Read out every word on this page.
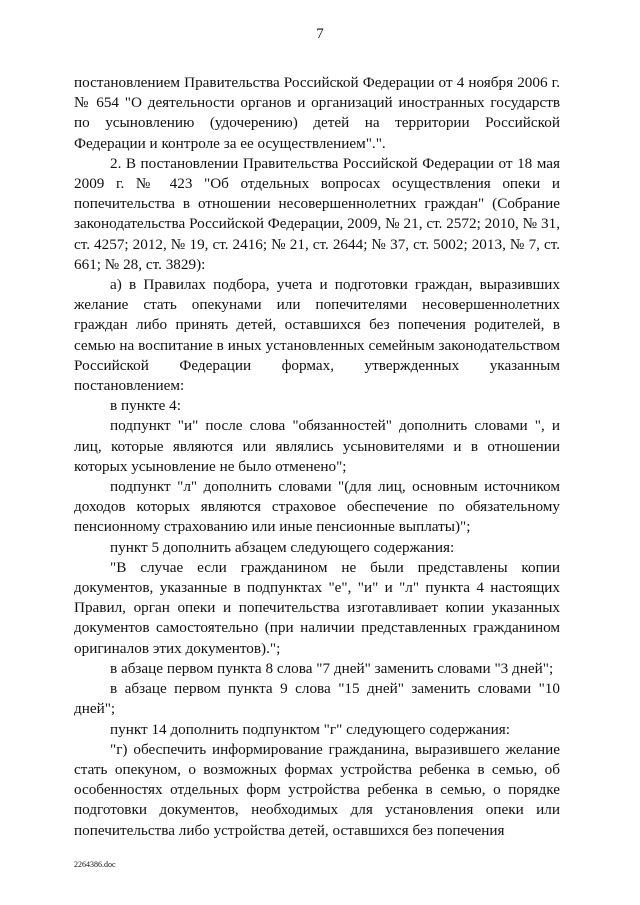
7

постановлением Правительства Российской Федерации от 4 ноября 2006 г. № 654 "О деятельности органов и организаций иностранных государств по усыновлению (удочерению) детей на территории Российской Федерации и контроле за ее осуществлением".".

2. В постановлении Правительства Российской Федерации от 18 мая 2009 г. № 423 "Об отдельных вопросах осуществления опеки и попечительства в отношении несовершеннолетних граждан" (Собрание законодательства Российской Федерации, 2009, № 21, ст. 2572; 2010, № 31, ст. 4257; 2012, № 19, ст. 2416; № 21, ст. 2644; № 37, ст. 5002; 2013, № 7, ст. 661; № 28, ст. 3829):

а) в Правилах подбора, учета и подготовки граждан, выразивших желание стать опекунами или попечителями несовершеннолетних граждан либо принять детей, оставшихся без попечения родителей, в семью на воспитание в иных установленных семейным законодательством Российской Федерации формах, утвержденных указанным постановлением:

в пункте 4:

подпункт "и" после слова "обязанностей" дополнить словами ", и лиц, которые являются или являлись усыновителями и в отношении которых усыновление не было отменено";

подпункт "л" дополнить словами "(для лиц, основным источником доходов которых являются страховое обеспечение по обязательному пенсионному страхованию или иные пенсионные выплаты)";

пункт 5 дополнить абзацем следующего содержания:

"В случае если гражданином не были представлены копии документов, указанные в подпунктах "е", "и" и "л" пункта 4 настоящих Правил, орган опеки и попечительства изготавливает копии указанных документов самостоятельно (при наличии представленных гражданином оригиналов этих документов).";

в абзаце первом пункта 8 слова "7 дней" заменить словами "3 дней";

в абзаце первом пункта 9 слова "15 дней" заменить словами "10 дней";

пункт 14 дополнить подпунктом "г" следующего содержания:

"г) обеспечить информирование гражданина, выразившего желание стать опекуном, о возможных формах устройства ребенка в семью, об особенностях отдельных форм устройства ребенка в семью, о порядке подготовки документов, необходимых для установления опеки или попечительства либо устройства детей, оставшихся без попечения

2264386.doc
